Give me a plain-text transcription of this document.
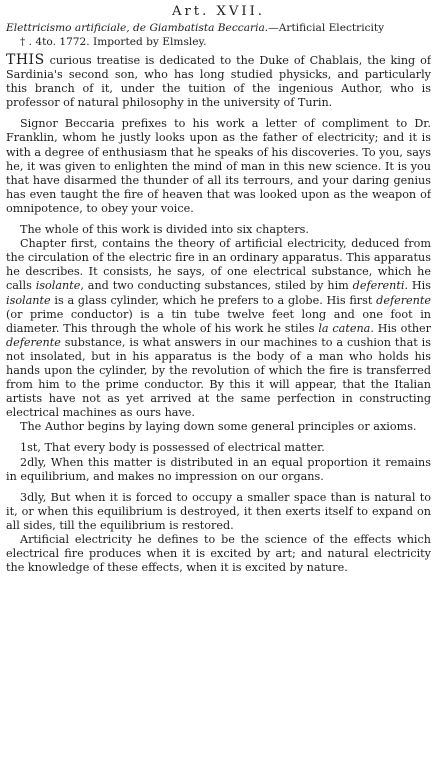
Art. XVII.
Elettricismo artificiale, de Giambatista Beccaria.—Artificial Electricity
† . 4to. 1772. Imported by Elmsley.

THIS curious treatise is dedicated to the Duke of Chablais, the king of Sardinia's second son, who has long studied physicks, and particularly this branch of it, under the tuition of the ingenious Author, who is professor of natural philosophy in the university of Turin.

Signor Beccaria prefixes to his work a letter of compliment to Dr. Franklin, whom he justly looks upon as the father of electricity; and it is with a degree of enthusiasm that he speaks of his discoveries. To you, says he, it was given to enlighten the mind of man in this new science. It is you that have disarmed the thunder of all its terrours, and your daring genius has even taught the fire of heaven that was looked upon as the weapon of omnipotence, to obey your voice.

The whole of this work is divided into six chapters.

Chapter first, contains the theory of artificial electricity, deduced from the circulation of the electric fire in an ordinary apparatus. This apparatus he describes. It consists, he says, of one electrical substance, which he calls isolante, and two conducting substances, stiled by him deferenti. His isolante is a glass cylinder, which he prefers to a globe. His first deferente (or prime conductor) is a tin tube twelve feet long and one foot in diameter. This through the whole of his work he stiles la catena. His other deferente substance, is what answers in our machines to a cushion that is not insolated, but in his apparatus is the body of a man who holds his hands upon the cylinder, by the revolution of which the fire is transferred from him to the prime conductor. By this it will appear, that the Italian artists have not as yet arrived at the same perfection in constructing electrical machines as ours have.

The Author begins by laying down some general principles or axioms.

1st, That every body is possessed of electrical matter.

2dly, When this matter is distributed in an equal proportion it remains in equilibrium, and makes no impression on our organs.

3dly, But when it is forced to occupy a smaller space than is natural to it, or when this equilibrium is destroyed, it then exerts itself to expand on all sides, till the equilibrium is restored.

Artificial electricity he defines to be the science of the effects which electrical fire produces when it is excited by art; and natural electricity the knowledge of these effects, when it is excited by nature.
